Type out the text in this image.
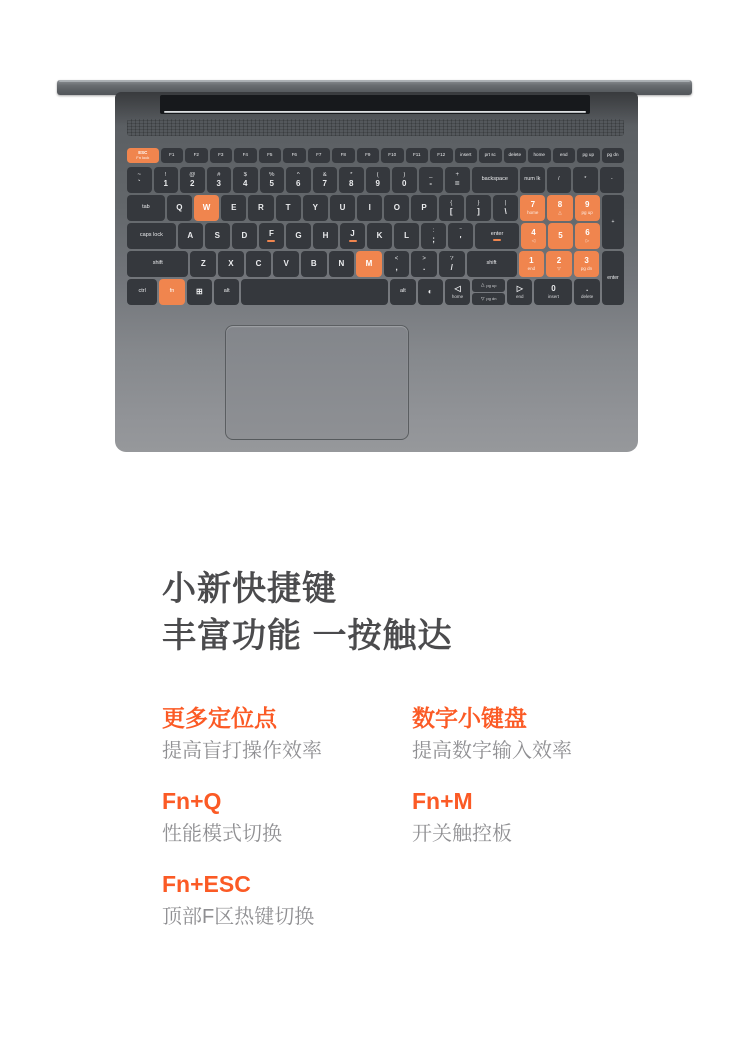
ESC
Fn lock
F1	F2	F3	F4	F5	F6	F7	F8	F9	F10	F11	F12	insert	prt sc	delete	home	end	pg up	pg dn
~
`
!
1
@
2
#
3
$
4
%
5
^
6
&
7
*
8
(
9
)
0
_
-
+
=	backspace	num lk	/	*	-
tab	Q	W	E	R	T	Y	U	I	O	P	{
[
}
]
|
\
7
home
8
△
9
pg up
caps lock	A	S	D	F	G	H	J	K	L	:
;
"
'
enter	4
◁	5	6
▷
shift	Z	X	C	V	B	N	M	<
,
>
.
?
/	shift	1
end
2
▽
3
pg dn
ctrl	fn	⊞	alt	alt	◐	◁
home
△ pg up
▽ pg dn
▷
end
0
insert
.
delete
+
enter
小新快捷键
丰富功能 一按触达
更多定位点
提高盲打操作效率
数字小键盘
提高数字输入效率
Fn+Q
性能模式切换
Fn+M
开关触控板
Fn+ESC
顶部F区热键切换
